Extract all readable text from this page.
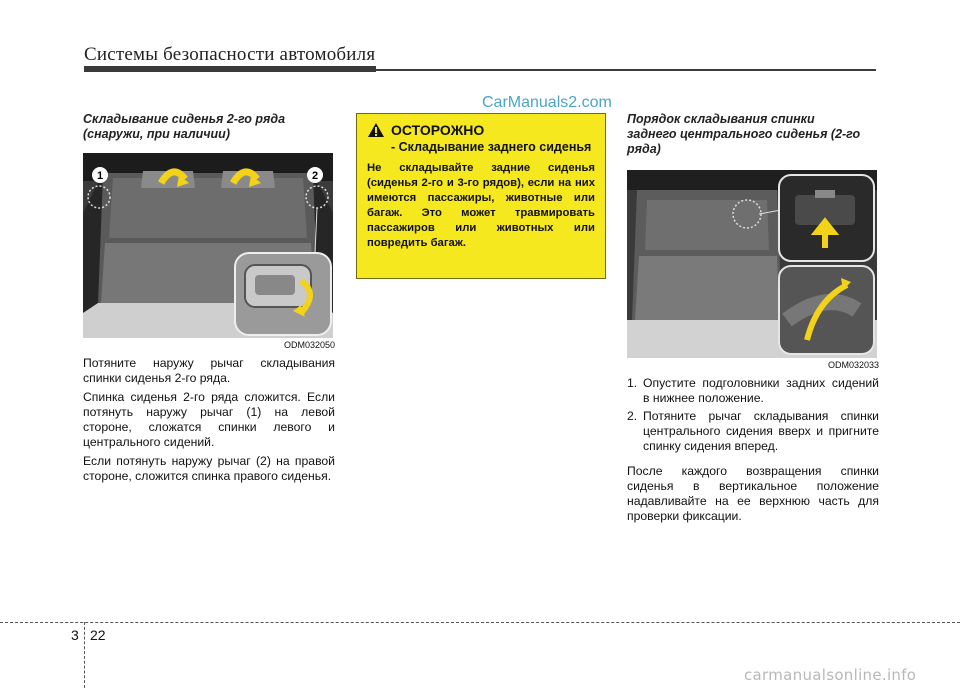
Системы безопасности автомобиля
CarManuals2.com
Складывание сиденья 2-го ряда (снаружи, при наличии)
1	2
ODM032050

Потяните наружу рычаг складывания спинки сиденья 2-го ряда.

Спинка сиденья 2-го ряда сложится. Если потянуть наружу рычаг (1) на левой стороне, сложатся спинки левого и центрального сидений.

Если потянуть наружу рычаг (2) на правой стороне, сложится спинка правого сиденья.

ОСТОРОЖНО
- Складывание заднего сиденья
Не складывайте задние сиденья (сиденья 2-го и 3-го рядов), если на них имеются пассажиры, животные или багаж. Это может травмировать пассажиров или животных или повредить багаж.
Порядок складывания спинки заднего центрального сиденья (2-го ряда)
ODM032033
1. Опустите подголовники задних сидений в нижнее положение.
2. Потяните рычаг складывания спинки центрального сидения вверх и пригните спинку сидения вперед.

После каждого возвращения спинки сиденья в вертикальное положение надавливайте на ее верхнюю часть для проверки фиксации.

3 22
carmanualsonline.info
